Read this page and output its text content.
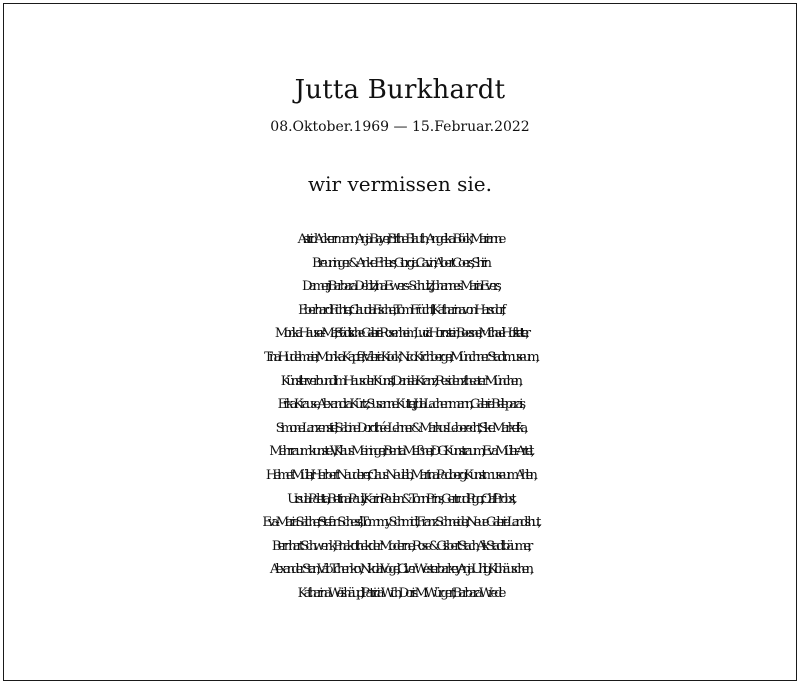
Jutta Burkhardt
08.Oktober.1969 — 15.Februar.2022
wir vermissen sie.
Astrid Ackermann, Anja Bayer, Birthe Blauth, Angelika Böck, Marianne
Breuninger & Anke Ehlers, Giorgia Cavini, Albert Coers, Shirin
Damerji, Barbara Deblitz, Ina Ewers–Schultz, Johannes Maria Evers,
Eberhard Fichter, Claudia Fischer, Tom Früchtl, Katharina von Harsdorf,
Monika Hauser-Mair, Städtische Galerie Rosenheim, Lucia Hornstein, Boesner, Michael Hofstetter,
Tina Hudelmaier, Monika Kapfer, Valerie Kiock, Nico Kirchberger, Münchner Stadtmuseum,
Künstlerverbund Im Haus der Kunst, Daniela Kranz, Residenztheater München,
Erika Krause, Alexandra Kürtz, Susanne Kutter, Julia Lachenmann, Galerie Belleparais,
Simone Lanzenstiel, Sabine Dorothée Lehner & Markus Leberecht, Silke Markefka,
Mehrraumkunst e.V., Klaus Meininger, Benita Meißner, DG Kunstraum, Eva Müller-Artelt,
Helmet Müller, Herbert Nauderer, Claus Neuleib, Martina Padberg, Kunstmuseum Ahlen,
Ursula Paletta, Bettina Pauly, Karin Peulen & Tonn Prins, Gertrud Pigor, Olaf Probst,
Eva-Maria Salcher, Stefan Schessl, Tommy Schmidt, Franz Schneider, Neue Galerie Landshut,
Bernhart Schwenk, Pinakothek der Moderne, Rose & Gisbert Stach, Alix Stadtbäumer,
Alexander Stan, Valio Tchenkov, Nikolai Vogel, Oliver Westerbarkey, Anja Uhlig, Klohäuschen,
Katharina Weishäupl, Patricia Wich, Doris M. Würgert, Barbara Wrede
